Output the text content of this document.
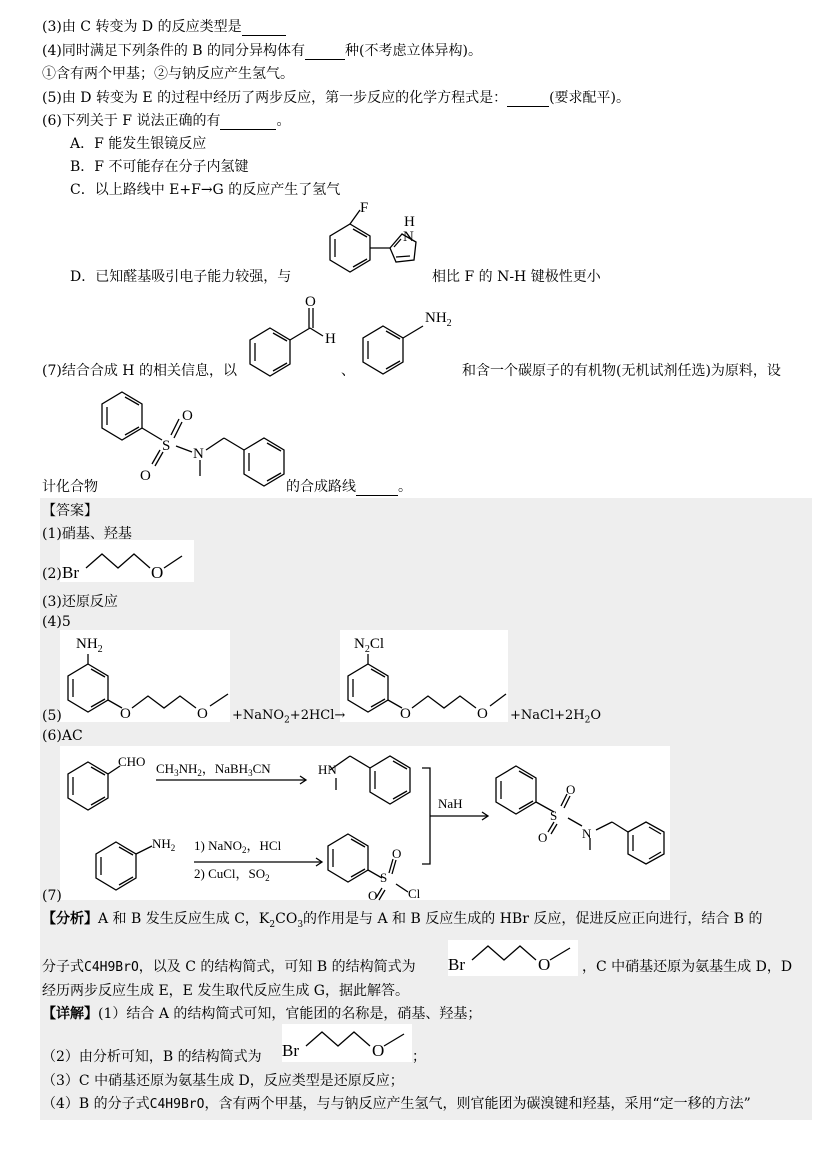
(3)由 C 转变为 D 的反应类型是
(4)同时满足下列条件的 B 的同分异构体有	种(不考虑立体异构)。
①含有两个甲基；②与钠反应产生氢气。
(5)由 D 转变为 E 的过程中经历了两步反应，第一步反应的化学方程式是：	(要求配平)。
(6)下列关于 F 说法正确的有	。
A．F 能发生银镜反应
B．F 不可能存在分子内氢键
C．以上路线中 E+F→G 的反应产生了氢气
D．已知醛基吸引电子能力较强，与	相比 F 的 N-H 键极性更小
F
H
N
(7)结合合成 H 的相关信息，以	、	和含一个碳原子的有机物(无机试剂任选)为原料，设
计化合物	的合成路线	。
O
H
$NH_2$
S
O
O
N
【答案】
(1)硝基、羟基
(2) Br	O
(3)还原反应
(4)5
(5)
$NH_2$
O	O +NaNO$_2$+2HCl→
$N_2Cl$
O	$O +NaCl+2H_2O$
(6)AC
(7)
CHO $CH_3NH_2$，NaBH$_3$CN	HN
NaH
$NH_2$ 1) NaNO$_2$，HCl
2) CuCl，$SO_2$
S
O
O	N
S
O
O Cl
【分析】A 和 B 发生反应生成 C，$K_2CO_3$的作用是与 A 和 B 反应生成的 HBr 反应，促进反应正向进行，结合 B 的
分子式C4H9BrO，以及 C 的结构简式，可知 B 的结构简式为 Br	O ，C 中硝基还原为氨基生成 D，D
经历两步反应生成 E，E 发生取代反应生成 G，据此解答。
【详解】(1）结合 A 的结构简式可知，官能团的名称是，硝基、羟基；
（2）由分析可知，B 的结构简式为 Br	O ；
（3）C 中硝基还原为氨基生成 D，反应类型是还原反应；
（4）B 的分子式C4H9BrO，含有两个甲基，与与钠反应产生氢气，则官能团为碳溴键和羟基，采用“定一移的方法”
